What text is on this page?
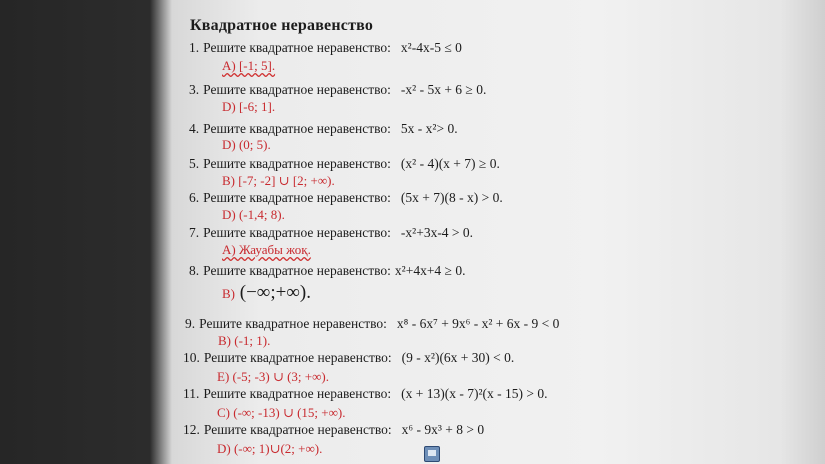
Квадратное неравенство
1. Решите квадратное неравенство: x²-4x-5 ≤ 0
A) [-1; 5].
3. Решите квадратное неравенство: -x² - 5x + 6 ≥ 0.
D) [-6; 1].
4. Решите квадратное неравенство: 5x - x²> 0.
D) (0; 5).
5. Решите квадратное неравенство: (x² - 4)(x + 7) ≥ 0.
B) [-7; -2] ∪ [2; +∞).
6. Решите квадратное неравенство: (5x + 7)(8 - x) > 0.
D) (-1,4; 8).
7. Решите квадратное неравенство: -x²+3x-4 > 0.
A) Жауабы жоқ.
8. Решите квадратное неравенство: x²+4x+4 ≥ 0.
B) (−∞;+∞).
9. Решите квадратное неравенство: x⁸ - 6x⁷ + 9x⁶ - x² + 6x - 9 < 0
B) (-1; 1).
10. Решите квадратное неравенство: (9 - x²)(6x + 30) < 0.
E) (-5; -3) ∪ (3; +∞).
11. Решите квадратное неравенство: (x + 13)(x - 7)²(x - 15) > 0.
C) (-∞; -13) ∪ (15; +∞).
12. Решите квадратное неравенство: x⁶ - 9x³ + 8 > 0
D) (-∞; 1)∪(2; +∞).
